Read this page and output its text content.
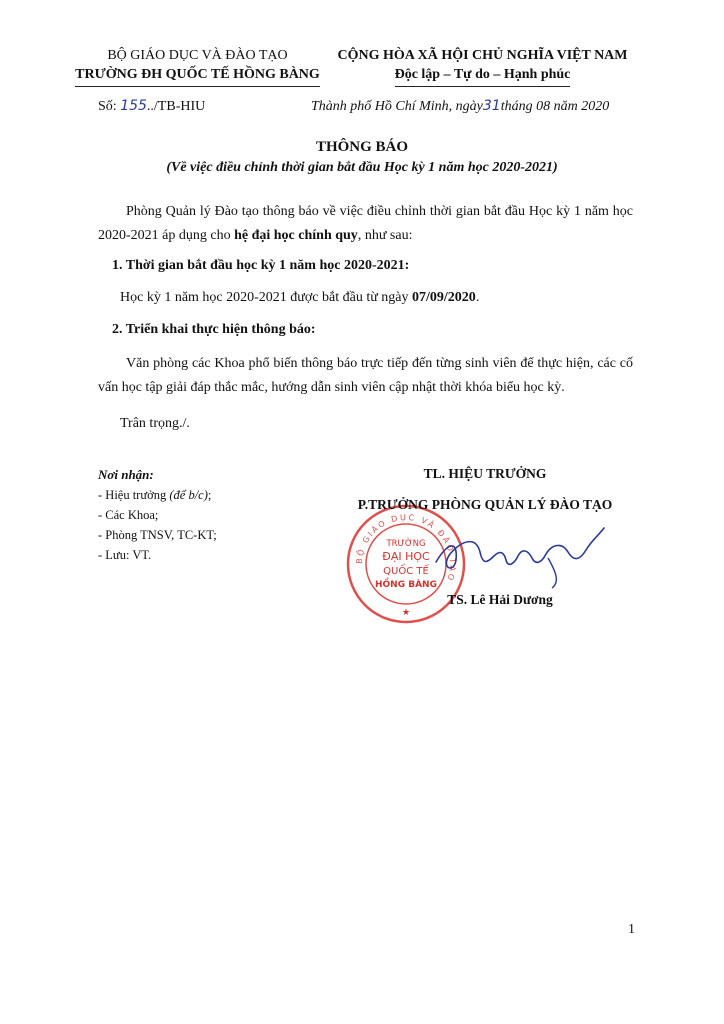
BỘ GIÁO DỤC VÀ ĐÀO TẠO
TRƯỜNG ĐH QUỐC TẾ HỒNG BÀNG
CỘNG HÒA XÃ HỘI CHỦ NGHĨA VIỆT NAM
Độc lập – Tự do – Hạnh phúc
Số: 155../TB-HIU	Thành phố Hồ Chí Minh, ngày31tháng 08 năm 2020
THÔNG BÁO
(Về việc điều chỉnh thời gian bắt đầu Học kỳ 1 năm học 2020-2021)
Phòng Quản lý Đào tạo thông báo về việc điều chỉnh thời gian bắt đầu Học kỳ 1 năm học 2020-2021 áp dụng cho hệ đại học chính quy, như sau:
1. Thời gian bắt đầu học kỳ 1 năm học 2020-2021:
Học kỳ 1 năm học 2020-2021 được bắt đầu từ ngày 07/09/2020.
2. Triển khai thực hiện thông báo:
Văn phòng các Khoa phổ biến thông báo trực tiếp đến từng sinh viên để thực hiện, các cố vấn học tập giải đáp thắc mắc, hướng dẫn sinh viên cập nhật thời khóa biểu học kỳ.
Trân trọng./.
Nơi nhận:
- Hiệu trưởng (để b/c);
- Các Khoa;
- Phòng TNSV, TC-KT;
- Lưu: VT.	BỘ GIÁO DỤC VÀ ĐÀO TẠO
TRƯỜNG
ĐẠI HỌC
QUỐC TẾ
HỒNG BÀNG
★
TL. HIỆU TRƯỞNG
P.TRƯỞNG PHÒNG QUẢN LÝ ĐÀO TẠO
TS. Lê Hải Dương
1
